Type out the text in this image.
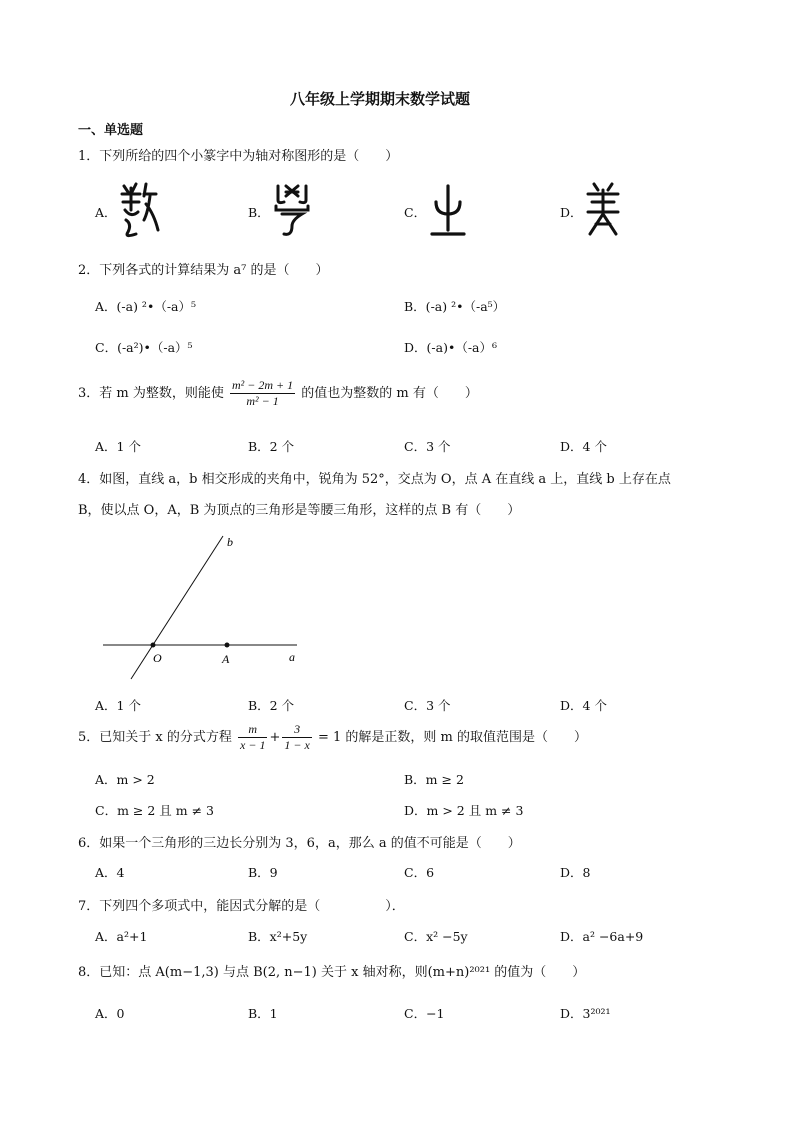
八年级上学期期末数学试题
一、单选题
1．下列所给的四个小篆字中为轴对称图形的是（　　）
A．	B．	C．	D．
2．下列各式的计算结果为 a⁷ 的是（　　）
A．(-a) ²•（-a）⁵	B．(-a) ²•（-a⁵）
C．(-a²)•（-a）⁵	D．(-a)•（-a）⁶
3．若 m 为整数，则能使 $\frac{\text{m² − 2m + 1}}{\text{m² − 1}}$ 的值也为整数的 m 有（　　）
A．1 个	B．2 个	C．3 个	D．4 个
4．如图，直线 a，b 相交形成的夹角中，锐角为 52°，交点为 O，点 A 在直线 a 上，直线 b 上存在点
B，使以点 O，A，B 为顶点的三角形是等腰三角形，这样的点 B 有（　　）
b
O	A	a
A．1 个	B．2 个	C．3 个	D．4 个
5．已知关于 x 的分式方程 $\frac{m}{x - 1} + \frac{3}{1 - x} = 1$ 的解是正数，则 m 的取值范围是（　　）
A．m > 2	B．m ≥ 2
C．m ≥ 2 且 m ≠ 3	D．m > 2 且 m ≠ 3
6．如果一个三角形的三边长分别为 3，6，a，那么 a 的值不可能是（　　）
A．4	B．9	C．6	D．8
7．下列四个多项式中，能因式分解的是（　　　　　）．
A．a²+1	B．x²+5y	C．x² −5y	D．a² −6a+9
8．已知：点 A(m−1,3) 与点 B(2, n−1) 关于 x 轴对称，则(m+n)²⁰²¹ 的值为（　　）
A．0	B．1	C．−1	D．3²⁰²¹
